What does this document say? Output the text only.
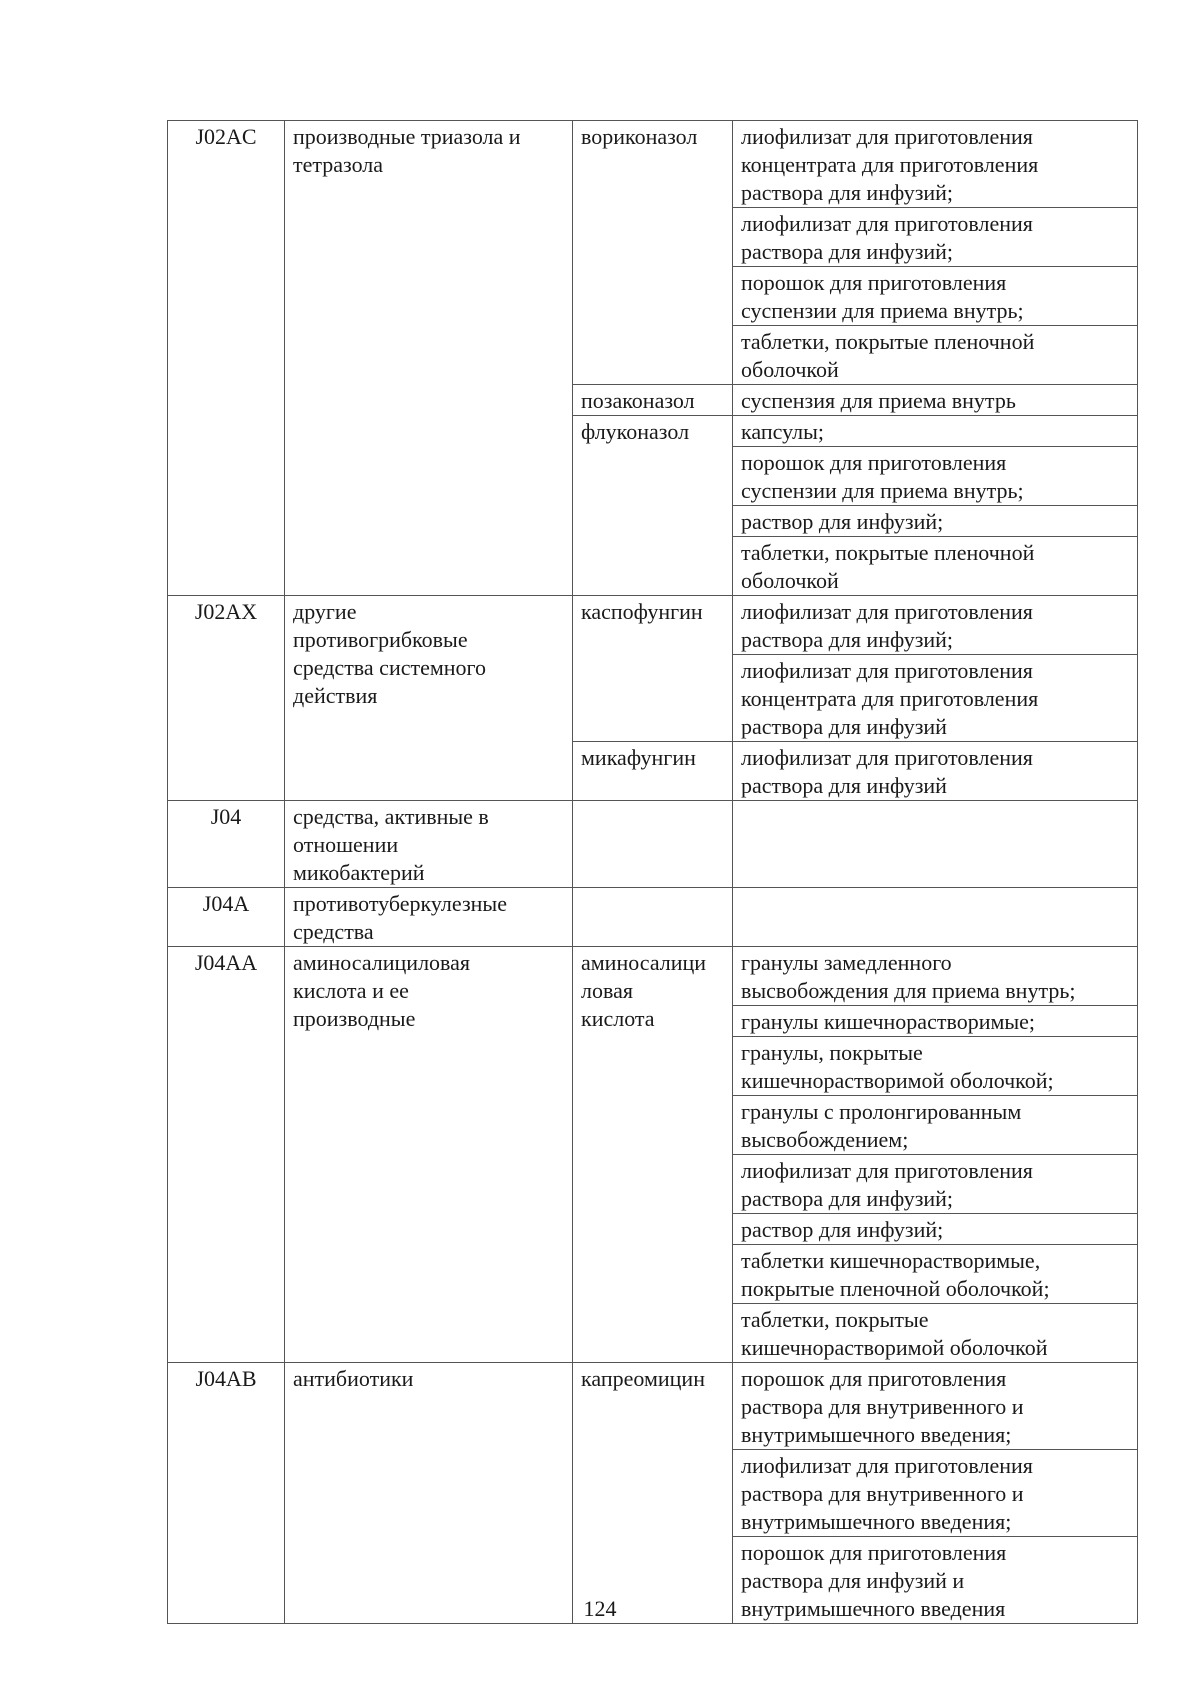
J02AC	производные триазола и
тетразола	вориконазол	лиофилизат для приготовления
концентрата для приготовления
раствора для инфузий;
			лиофилизат для приготовления
раствора для инфузий;
			порошок для приготовления
суспензии для приема внутрь;
			таблетки, покрытые пленочной
оболочкой
		позаконазол	суспензия для приема внутрь
		флуконазол	капсулы;
			порошок для приготовления
суспензии для приема внутрь;
			раствор для инфузий;
			таблетки, покрытые пленочной
оболочкой
J02AX	другие
противогрибковые
средства системного
действия	каспофунгин	лиофилизат для приготовления
раствора для инфузий;
			лиофилизат для приготовления
концентрата для приготовления
раствора для инфузий
		микафунгин	лиофилизат для приготовления
раствора для инфузий
J04	средства, активные в
отношении
микобактерий		
J04A	противотуберкулезные
средства		
J04AA	аминосалициловая
кислота и ее
производные	аминосалици
ловая
кислота	гранулы замедленного
высвобождения для приема внутрь;
			гранулы кишечнорастворимые;
			гранулы, покрытые
кишечнорастворимой оболочкой;
			гранулы с пролонгированным
высвобождением;
			лиофилизат для приготовления
раствора для инфузий;
			раствор для инфузий;
			таблетки кишечнорастворимые,
покрытые пленочной оболочкой;
			таблетки, покрытые
кишечнорастворимой оболочкой
J04AB	антибиотики	капреомицин	порошок для приготовления
раствора для внутривенного и
внутримышечного введения;
			лиофилизат для приготовления
раствора для внутривенного и
внутримышечного введения;
			порошок для приготовления
раствора для инфузий и
внутримышечного введения
124
